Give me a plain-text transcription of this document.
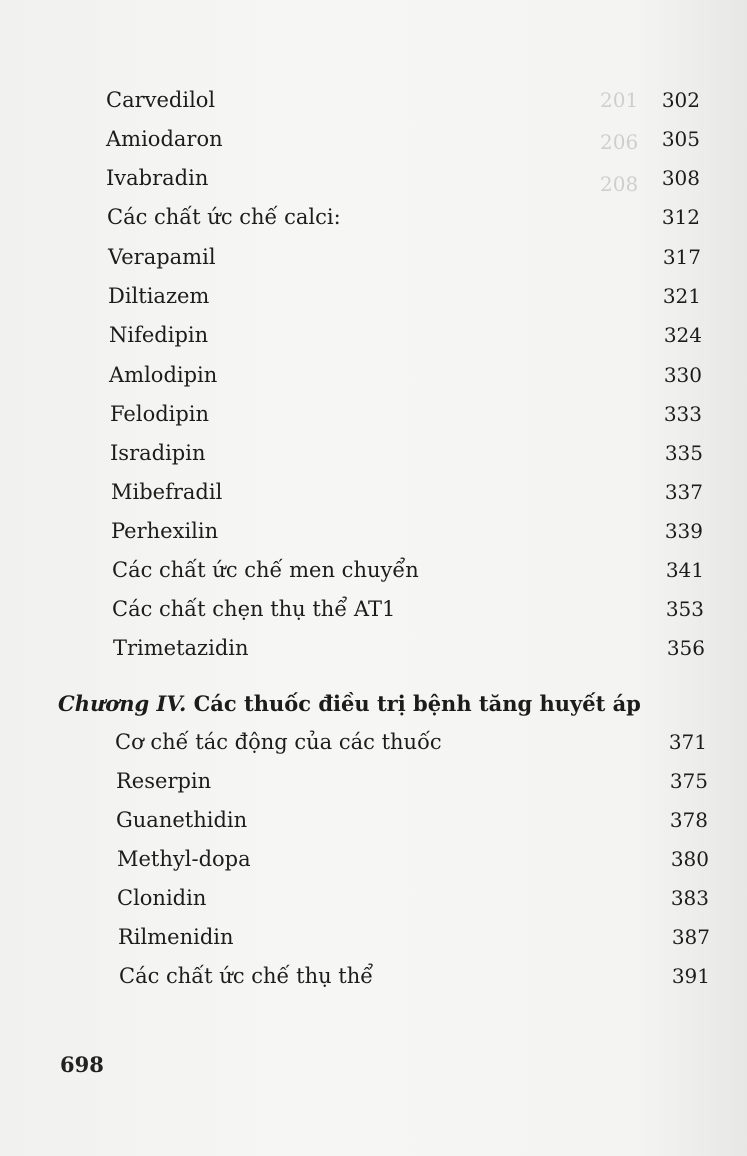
201
206
208
Carvedilol	302
Amiodaron	305
Ivabradin	308
Các chất ức chế calci:	312
Verapamil	317
Diltiazem	321
Nifedipin	324
Amlodipin	330
Felodipin	333
Isradipin	335
Mibefradil	337
Perhexilin	339
Các chất ức chế men chuyển	341
Các chất chẹn thụ thể AT1	353
Trimetazidin	356
Chương IV. Các thuốc điều trị bệnh tăng huyết áp
Cơ chế tác động của các thuốc	371
Reserpin	375
Guanethidin	378
Methyl-dopa	380
Clonidin	383
Rilmenidin	387
Các chất ức chế thụ thể	391
698
